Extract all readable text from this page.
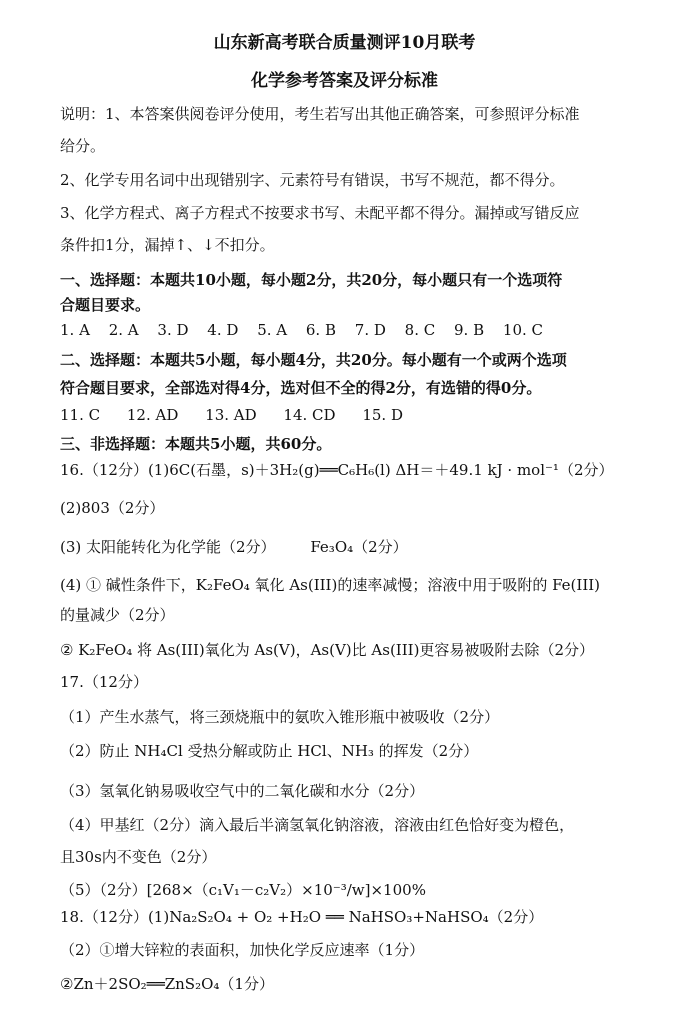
山东新高考联合质量测评10月联考
化学参考答案及评分标准
说明：1、本答案供阅卷评分使用，考生若写出其他正确答案，可参照评分标准
给分。
2、化学专用名词中出现错别字、元素符号有错误，书写不规范，都不得分。
3、化学方程式、离子方程式不按要求书写、未配平都不得分。漏掉或写错反应
条件扣1分，漏掉↑、↓不扣分。
一、选择题：本题共10小题，每小题2分，共20分，每小题只有一个选项符
合题目要求。
1. A 2. A 3. D 4. D 5. A 6. B 7. D 8. C 9. B 10. C
二、选择题：本题共5小题，每小题4分，共20分。每小题有一个或两个选项
符合题目要求，全部选对得4分，选对但不全的得2分，有选错的得0分。
11. C 12. AD 13. AD 14. CD 15. D
三、非选择题：本题共5小题，共60分。
16.（12分）(1)6C(石墨，s)＋3H₂(g)══C₆H₆(l) ΔH＝＋49.1 kJ · mol⁻¹（2分）
(2)803（2分）
(3) 太阳能转化为化学能（2分） Fe₃O₄（2分）
(4) ① 碱性条件下，K₂FeO₄ 氧化 As(III)的速率减慢；溶液中用于吸附的 Fe(III)
的量减少（2分）
② K₂FeO₄ 将 As(III)氧化为 As(V)，As(V)比 As(III)更容易被吸附去除（2分）
17.（12分）
（1）产生水蒸气，将三颈烧瓶中的氨吹入锥形瓶中被吸收（2分）
（2）防止 NH₄Cl 受热分解或防止 HCl、NH₃ 的挥发（2分）
（3）氢氧化钠易吸收空气中的二氧化碳和水分（2分）
（4）甲基红（2分）滴入最后半滴氢氧化钠溶液，溶液由红色恰好变为橙色，
且30s内不变色（2分）
（5）（2分）[268×（c₁V₁－c₂V₂）×10⁻³/w]×100%
18.（12分）(1)Na₂S₂O₄ + O₂ +H₂O ══ NaHSO₃+NaHSO₄（2分）
（2）①增大锌粒的表面积，加快化学反应速率（1分）
②Zn＋2SO₂══ZnS₂O₄（1分）
